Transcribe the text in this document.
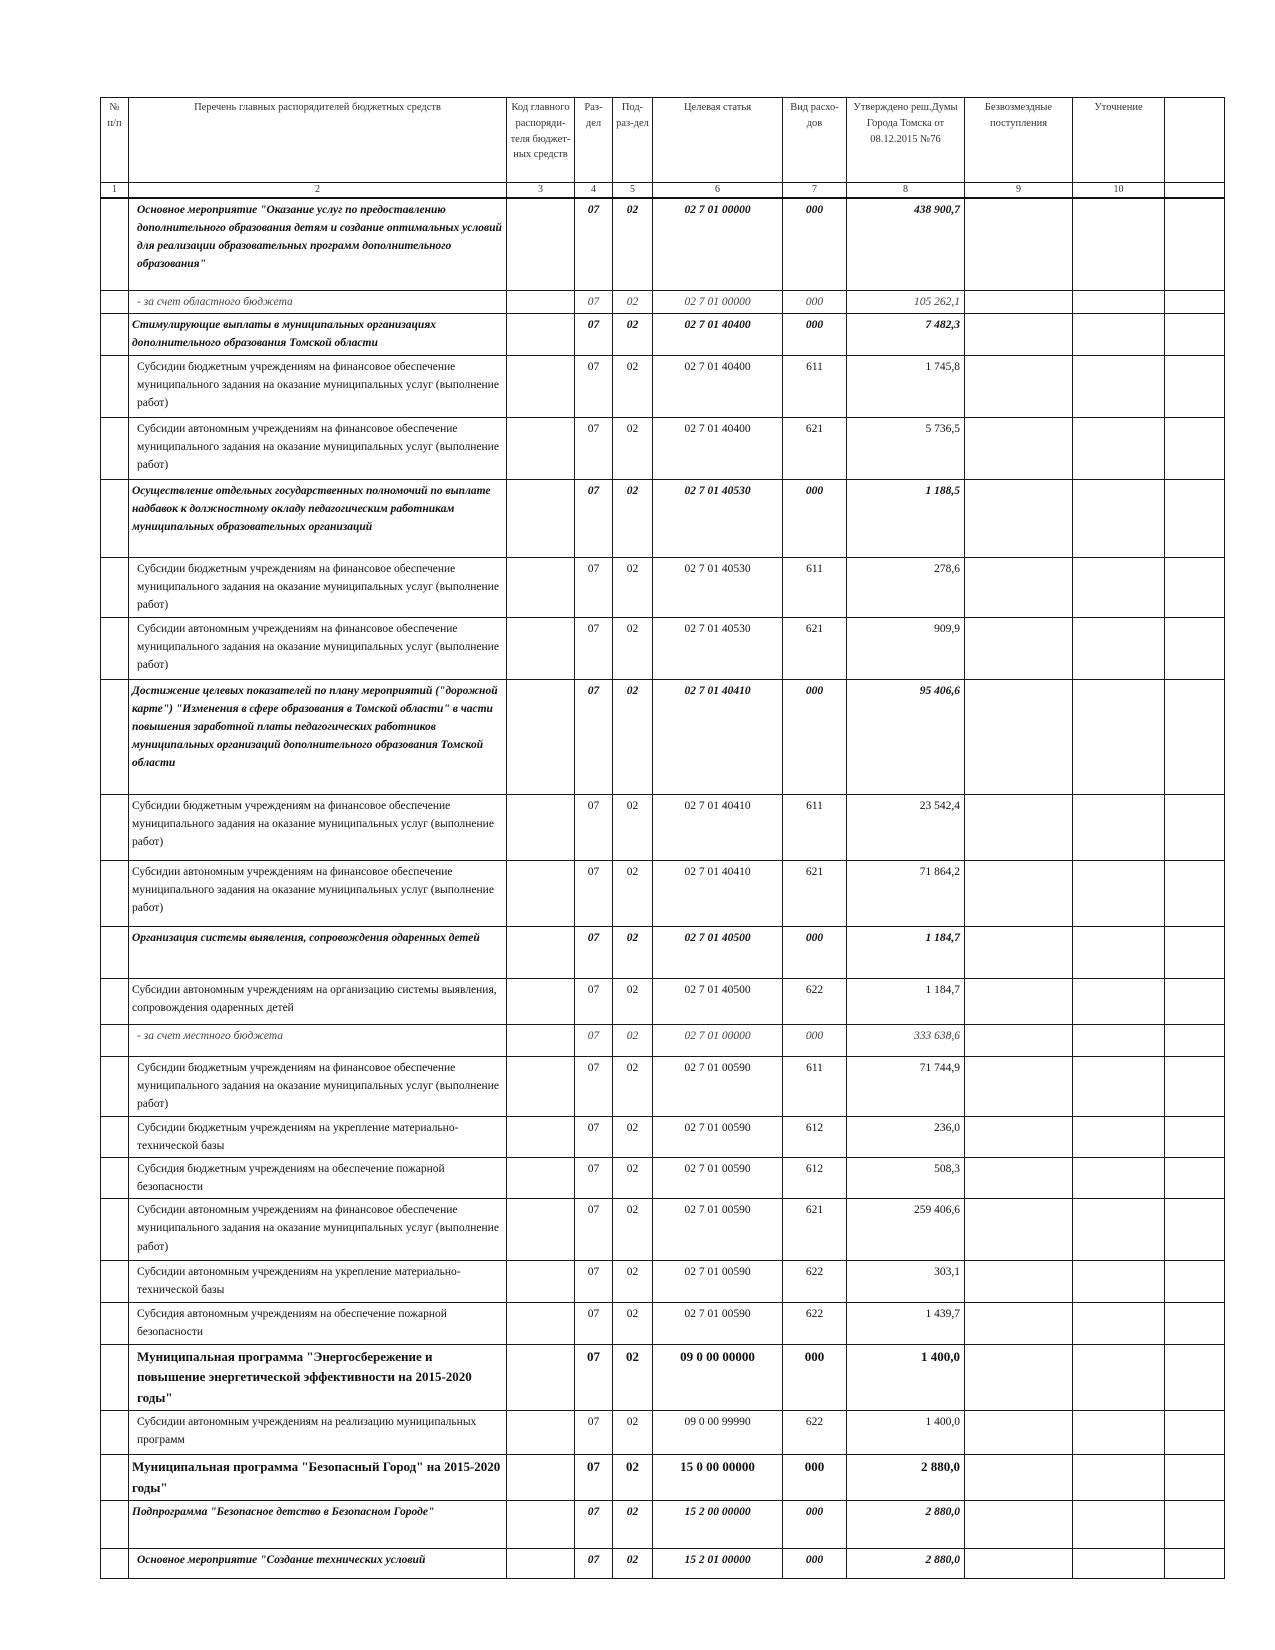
№ п/п	Перечень главных распорядителей бюджетных средств	Код главного распоряди-теля бюджет-ных средств	Раз-дел	Под-раз-дел	Целевая статья	Вид расхо-дов	Утверждено реш.Думы Города Томска от 08.12.2015 №76	Безвозмездные поступления	Уточнение	
1	2	3	4	5	6	7	8	9	10	
	Основное мероприятие "Оказание услуг по предоставлению дополнительного образования детям и создание оптимальных условий для реализации образовательных программ дополнительного образования"		07	02	02 7 01 00000	000	438 900,7			
	- за счет областного бюджета		07	02	02 7 01 00000	000	105 262,1			
	Стимулирующие выплаты в муниципальных организациях дополнительного образования Томской области		07	02	02 7 01 40400	000	7 482,3			
	Субсидии бюджетным учреждениям на финансовое обеспечение муниципального задания на оказание муниципальных услуг (выполнение работ)		07	02	02 7 01 40400	611	1 745,8			
	Субсидии автономным учреждениям на финансовое обеспечение муниципального задания на оказание муниципальных услуг (выполнение работ)		07	02	02 7 01 40400	621	5 736,5			
	Осуществление отдельных государственных полномочий по выплате надбавок к должностному окладу педагогическим работникам муниципальных образовательных организаций		07	02	02 7 01 40530	000	1 188,5			
	Субсидии бюджетным учреждениям на финансовое обеспечение муниципального задания на оказание муниципальных услуг (выполнение работ)		07	02	02 7 01 40530	611	278,6			
	Субсидии автономным учреждениям на финансовое обеспечение муниципального задания на оказание муниципальных услуг (выполнение работ)		07	02	02 7 01 40530	621	909,9			
	Достижение целевых показателей по плану мероприятий ("дорожной карте") "Изменения в сфере образования в Томской области" в части повышения заработной платы педагогических работников муниципальных организаций дополнительного образования Томской области		07	02	02 7 01 40410	000	95 406,6			
	Субсидии бюджетным учреждениям на финансовое обеспечение муниципального задания на оказание муниципальных услуг (выполнение работ)		07	02	02 7 01 40410	611	23 542,4			
	Субсидии автономным учреждениям на финансовое обеспечение муниципального задания на оказание муниципальных услуг (выполнение работ)		07	02	02 7 01 40410	621	71 864,2			
	Организация системы выявления, сопровождения одаренных детей		07	02	02 7 01 40500	000	1 184,7			
	Субсидии автономным учреждениям на организацию системы выявления, сопровождения одаренных детей		07	02	02 7 01 40500	622	1 184,7			
	- за счет местного бюджета		07	02	02 7 01 00000	000	333 638,6			
	Субсидии бюджетным учреждениям на финансовое обеспечение муниципального задания на оказание муниципальных услуг (выполнение работ)		07	02	02 7 01 00590	611	71 744,9			
	Субсидии бюджетным учреждениям на укрепление материально-технической базы		07	02	02 7 01 00590	612	236,0			
	Субсидия бюджетным учреждениям на обеспечение пожарной безопасности		07	02	02 7 01 00590	612	508,3			
	Субсидии автономным учреждениям на финансовое обеспечение муниципального задания на оказание муниципальных услуг (выполнение работ)		07	02	02 7 01 00590	621	259 406,6			
	Субсидии автономным учреждениям на укрепление материально-технической базы		07	02	02 7 01 00590	622	303,1			
	Субсидия автономным учреждениям на обеспечение пожарной безопасности		07	02	02 7 01 00590	622	1 439,7			
	Муниципальная программа "Энергосбережение и повышение энергетической эффективности на 2015-2020 годы"		07	02	09 0 00 00000	000	1 400,0			
	Субсидии автономным учреждениям на реализацию муниципальных программ		07	02	09 0 00 99990	622	1 400,0			
	Муниципальная программа "Безопасный Город" на 2015-2020 годы"		07	02	15 0 00 00000	000	2 880,0			
	Подпрограмма "Безопасное детство в Безопасном Городе"		07	02	15 2 00 00000	000	2 880,0			
	Основное мероприятие "Создание технических условий		07	02	15 2 01 00000	000	2 880,0			
